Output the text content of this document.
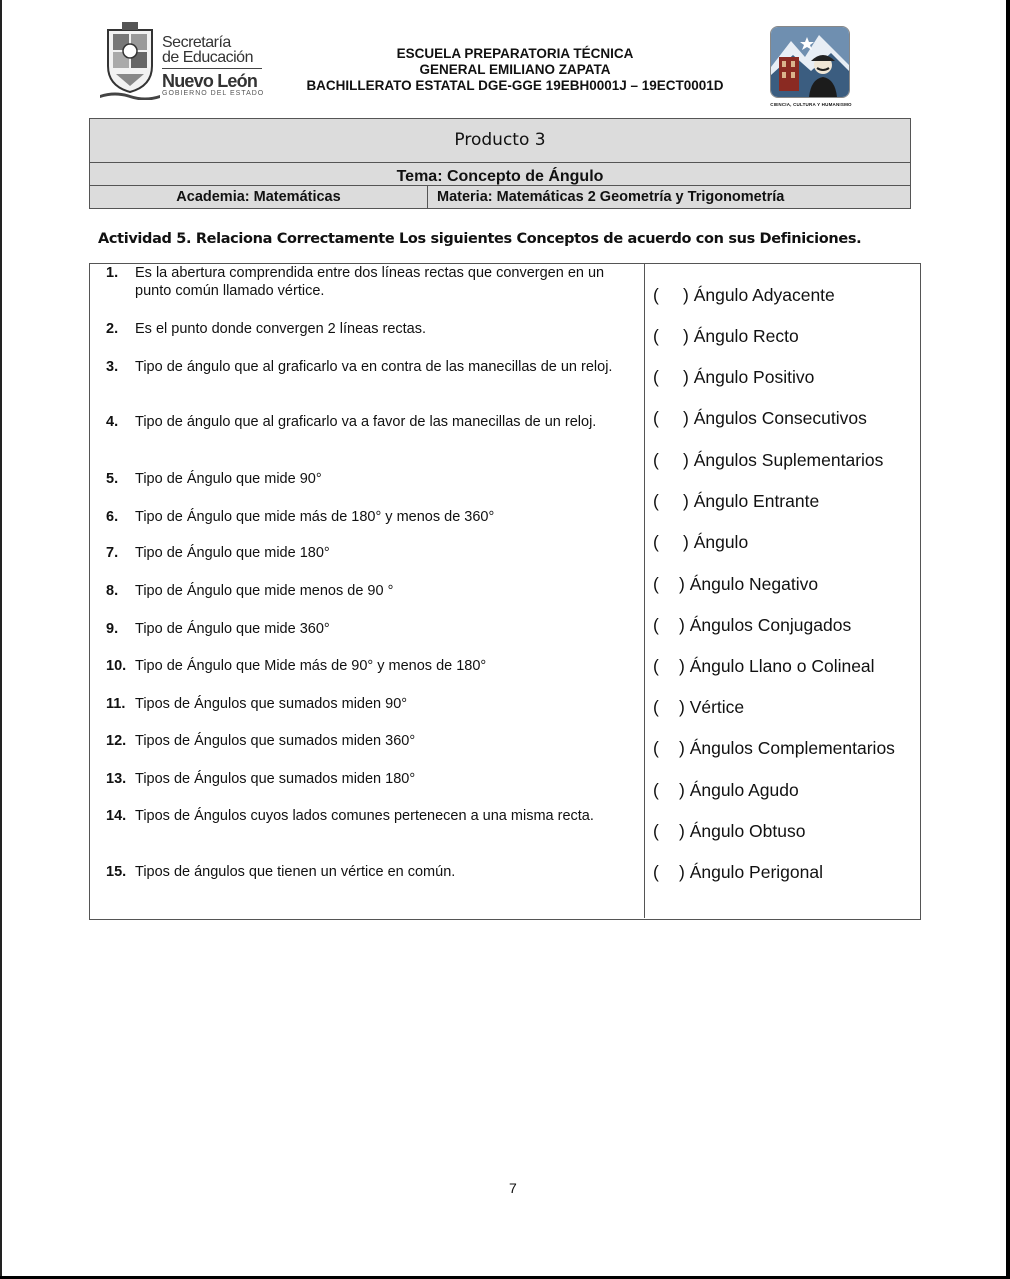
Secretaría
de Educación
Nuevo León
GOBIERNO DEL ESTADO
ESCUELA PREPARATORIA TÉCNICA
GENERAL EMILIANO ZAPATA
BACHILLERATO ESTATAL DGE-GGE 19EBH0001J – 19ECT0001D
CIENCIA, CULTURA Y HUMANISMO
Producto 3
Tema: Concepto de Ángulo
Academia: Matemáticas	Materia: Matemáticas 2 Geometría y Trigonometría
Actividad 5. Relaciona Correctamente Los siguientes Conceptos de acuerdo con sus Definiciones.
1. Es la abertura comprendida entre dos líneas rectas que convergen en un punto común llamado vértice.
2. Es el punto donde convergen 2 líneas rectas.
3. Tipo de ángulo que al graficarlo va en contra de las manecillas de un reloj.
4. Tipo de ángulo que al graficarlo va a favor de las manecillas de un reloj.
5. Tipo de Ángulo que mide 90°
6. Tipo de Ángulo que mide más de 180° y menos de 360°
7. Tipo de Ángulo que mide 180°
8. Tipo de Ángulo que mide menos de 90 °
9. Tipo de Ángulo que mide 360°
10. Tipo de Ángulo que Mide más de 90° y menos de 180°
11. Tipos de Ángulos que sumados miden 90°
12. Tipos de Ángulos que sumados miden 360°
13. Tipos de Ángulos que sumados miden 180°
14. Tipos de Ángulos cuyos lados comunes pertenecen a una misma recta.
15. Tipos de ángulos que tienen un vértice en común.
( ) Ángulo Adyacente
( ) Ángulo Recto
( ) Ángulo Positivo
( ) Ángulos Consecutivos
( ) Ángulos Suplementarios
( ) Ángulo Entrante
( ) Ángulo
( ) Ángulo Negativo
( ) Ángulos Conjugados
( ) Ángulo Llano o Colineal
( ) Vértice
( ) Ángulos Complementarios
( ) Ángulo Agudo
( ) Ángulo Obtuso
( ) Ángulo Perigonal
7
